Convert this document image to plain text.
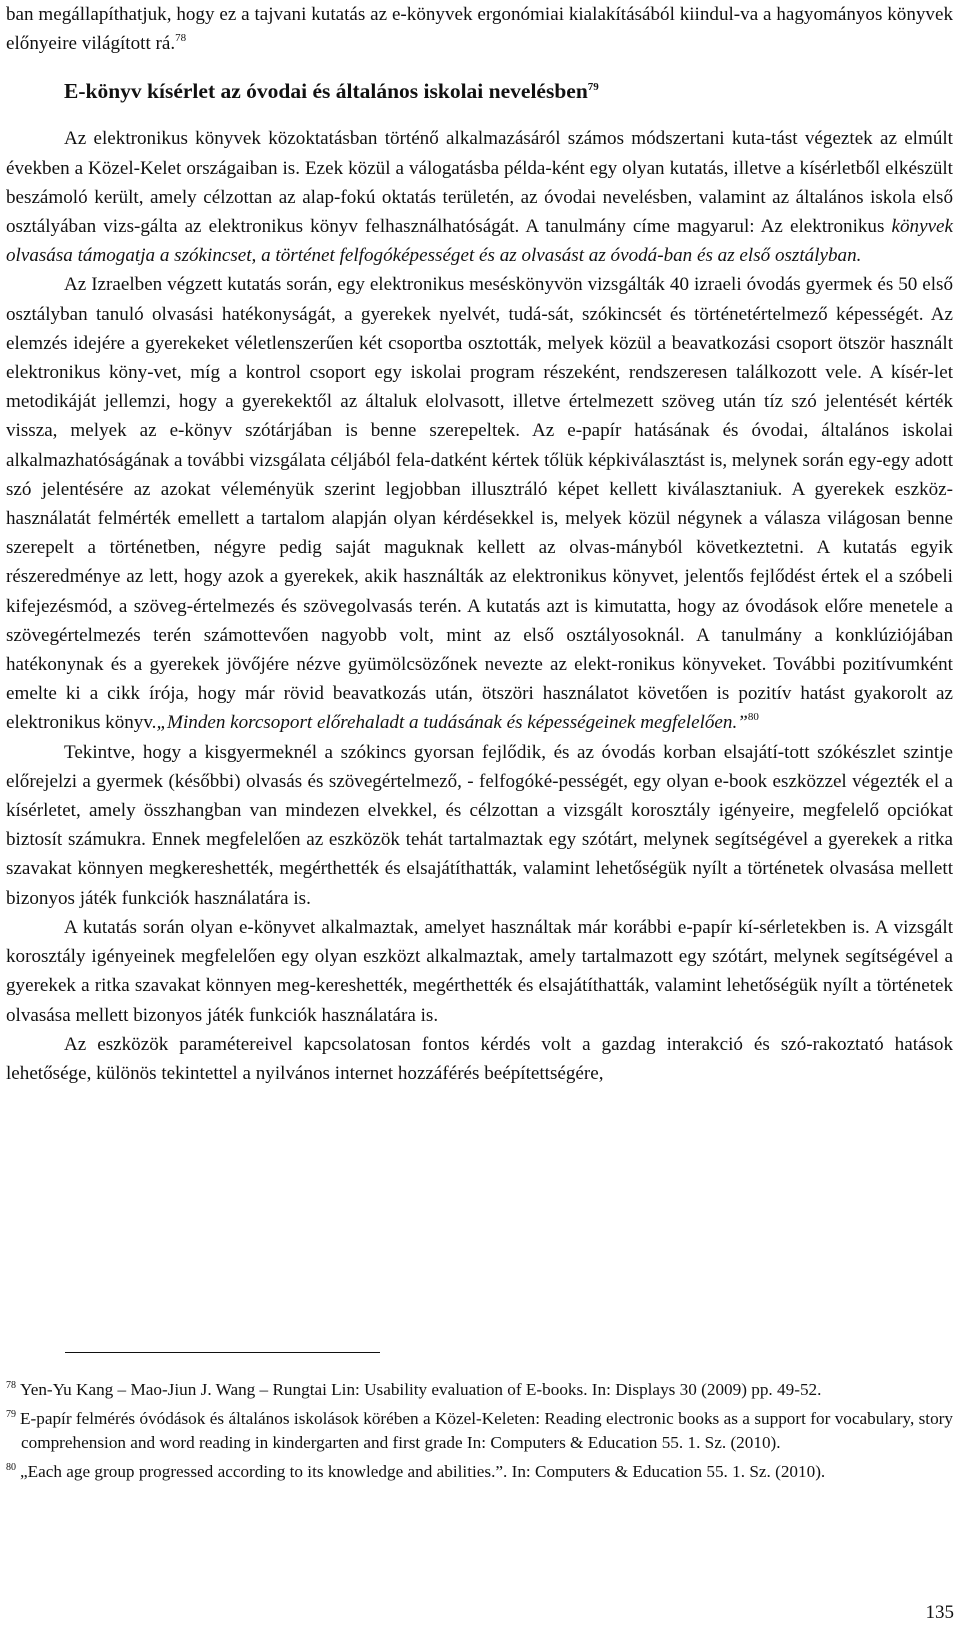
ban megállapíthatjuk, hogy ez a tajvani kutatás az e-könyvek ergonómiai kialakításából kiindul-va a hagyományos könyvek előnyeire világított rá.$^{78}$

E-könyv kísérlet az óvodai és általános iskolai nevelésben$^{79}$

Az elektronikus könyvek közoktatásban történő alkalmazásáról számos módszertani kuta-tást végeztek az elmúlt években a Közel-Kelet országaiban is. Ezek közül a válogatásba példa-ként egy olyan kutatás, illetve a kísérletből elkészült beszámoló került, amely célzottan az alap-fokú oktatás területén, az óvodai nevelésben, valamint az általános iskola első osztályában vizs-gálta az elektronikus könyv felhasználhatóságát. A tanulmány címe magyarul: Az elektronikus könyvek olvasása támogatja a szókincset, a történet felfogóképességet és az olvasást az óvodá-ban és az első osztályban.

Az Izraelben végzett kutatás során, egy elektronikus meséskönyvön vizsgálták 40 izraeli óvodás gyermek és 50 első osztályban tanuló olvasási hatékonyságát, a gyerekek nyelvét, tudá-sát, szókincsét és történetértelmező képességét. Az elemzés idejére a gyerekeket véletlenszerűen két csoportba osztották, melyek közül a beavatkozási csoport ötször használt elektronikus köny-vet, míg a kontrol csoport egy iskolai program részeként, rendszeresen találkozott vele. A kísér-let metodikáját jellemzi, hogy a gyerekektől az általuk elolvasott, illetve értelmezett szöveg után tíz szó jelentését kérték vissza, melyek az e-könyv szótárjában is benne szerepeltek. Az e-papír hatásának és óvodai, általános iskolai alkalmazhatóságának a további vizsgálata céljából fela-datként kértek tőlük képkiválasztást is, melynek során egy-egy adott szó jelentésére az azokat véleményük szerint legjobban illusztráló képet kellett kiválasztaniuk. A gyerekek eszköz-használatát felmérték emellett a tartalom alapján olyan kérdésekkel is, melyek közül négynek a válasza világosan benne szerepelt a történetben, négyre pedig saját maguknak kellett az olvas-mányból következtetni. A kutatás egyik részeredménye az lett, hogy azok a gyerekek, akik használták az elektronikus könyvet, jelentős fejlődést értek el a szóbeli kifejezésmód, a szöveg-értelmezés és szövegolvasás terén. A kutatás azt is kimutatta, hogy az óvodások előre menetele a szövegértelmezés terén számottevően nagyobb volt, mint az első osztályosoknál. A tanulmány a konklúziójában hatékonynak és a gyerekek jövőjére nézve gyümölcsözőnek nevezte az elekt-ronikus könyveket. További pozitívumként emelte ki a cikk írója, hogy már rövid beavatkozás után, ötszöri használatot követően is pozitív hatást gyakorolt az elektronikus könyv.„Minden korcsoport előrehaladt a tudásának és képességeinek megfelelően.”$^{80}$

Tekintve, hogy a kisgyermeknél a szókincs gyorsan fejlődik, és az óvodás korban elsajátí-tott szókészlet szintje előrejelzi a gyermek (későbbi) olvasás és szövegértelmező, - felfogóké-pességét, egy olyan e-book eszközzel végezték el a kísérletet, amely összhangban van mindezen elvekkel, és célzottan a vizsgált korosztály igényeire, megfelelő opciókat biztosít számukra. Ennek megfelelően az eszközök tehát tartalmaztak egy szótárt, melynek segítségével a gyerekek a ritka szavakat könnyen megkereshették, megérthették és elsajátíthatták, valamint lehetőségük nyílt a történetek olvasása mellett bizonyos játék funkciók használatára is.

A kutatás során olyan e-könyvet alkalmaztak, amelyet használtak már korábbi e-papír kí-sérletekben is. A vizsgált korosztály igényeinek megfelelően egy olyan eszközt alkalmaztak, amely tartalmazott egy szótárt, melynek segítségével a gyerekek a ritka szavakat könnyen meg-kereshették, megérthették és elsajátíthatták, valamint lehetőségük nyílt a történetek olvasása mellett bizonyos játék funkciók használatára is.

Az eszközök paramétereivel kapcsolatosan fontos kérdés volt a gazdag interakció és szó-rakoztató hatások lehetősége, különös tekintettel a nyilvános internet hozzáférés beépítettségére,

$^{78}$ Yen-Yu Kang – Mao-Jiun J. Wang – Rungtai Lin: Usability evaluation of E-books. In: Displays 30 (2009) pp. 49-52.

$^{79}$ E-papír felmérés óvódások és általános iskolások körében a Közel-Keleten: Reading electronic books as a support for vocabulary, story comprehension and word reading in kindergarten and first grade In: Computers & Education 55. 1. Sz. (2010).

$^{80}$ „Each age group progressed according to its knowledge and abilities.”. In: Computers & Education 55. 1. Sz. (2010).

135
